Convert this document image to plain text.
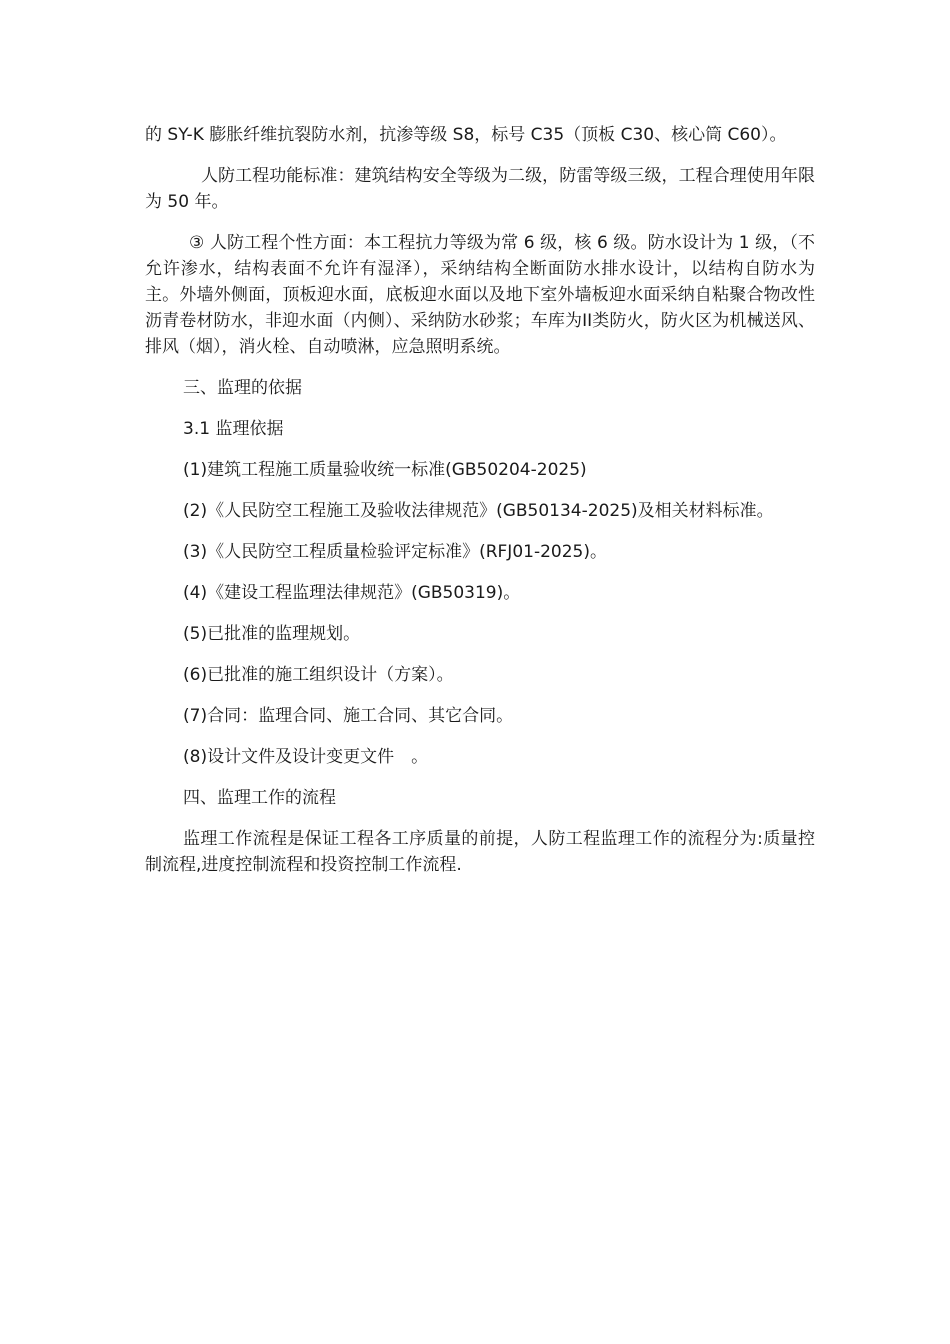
的 SY-K 膨胀纤维抗裂防水剂，抗渗等级 S8，标号 C35（顶板 C30、核心筒 C60）。

人防工程功能标准：建筑结构安全等级为二级，防雷等级三级，工程合理使用年限为 50 年。

③ 人防工程个性方面：本工程抗力等级为常 6 级，核 6 级。防水设计为 1 级，（不允许渗水，结构表面不允许有湿泽），采纳结构全断面防水排水设计，以结构自防水为主。外墙外侧面，顶板迎水面，底板迎水面以及地下室外墙板迎水面采纳自粘聚合物改性沥青卷材防水，非迎水面（内侧）、采纳防水砂浆；车库为II类防火，防火区为机械送风、排风（烟），消火栓、自动喷淋，应急照明系统。

三、监理的依据

3.1 监理依据

(1)建筑工程施工质量验收统一标准(GB50204-2025)

(2)《人民防空工程施工及验收法律规范》(GB50134-2025)及相关材料标准。

(3)《人民防空工程质量检验评定标准》(RFJ01-2025)。

(4)《建设工程监理法律规范》(GB50319)。

(5)已批准的监理规划。

(6)已批准的施工组织设计（方案）。

(7)合同：监理合同、施工合同、其它合同。

(8)设计文件及设计变更文件　。

四、监理工作的流程

监理工作流程是保证工程各工序质量的前提，人防工程监理工作的流程分为:质量控制流程,进度控制流程和投资控制工作流程.
